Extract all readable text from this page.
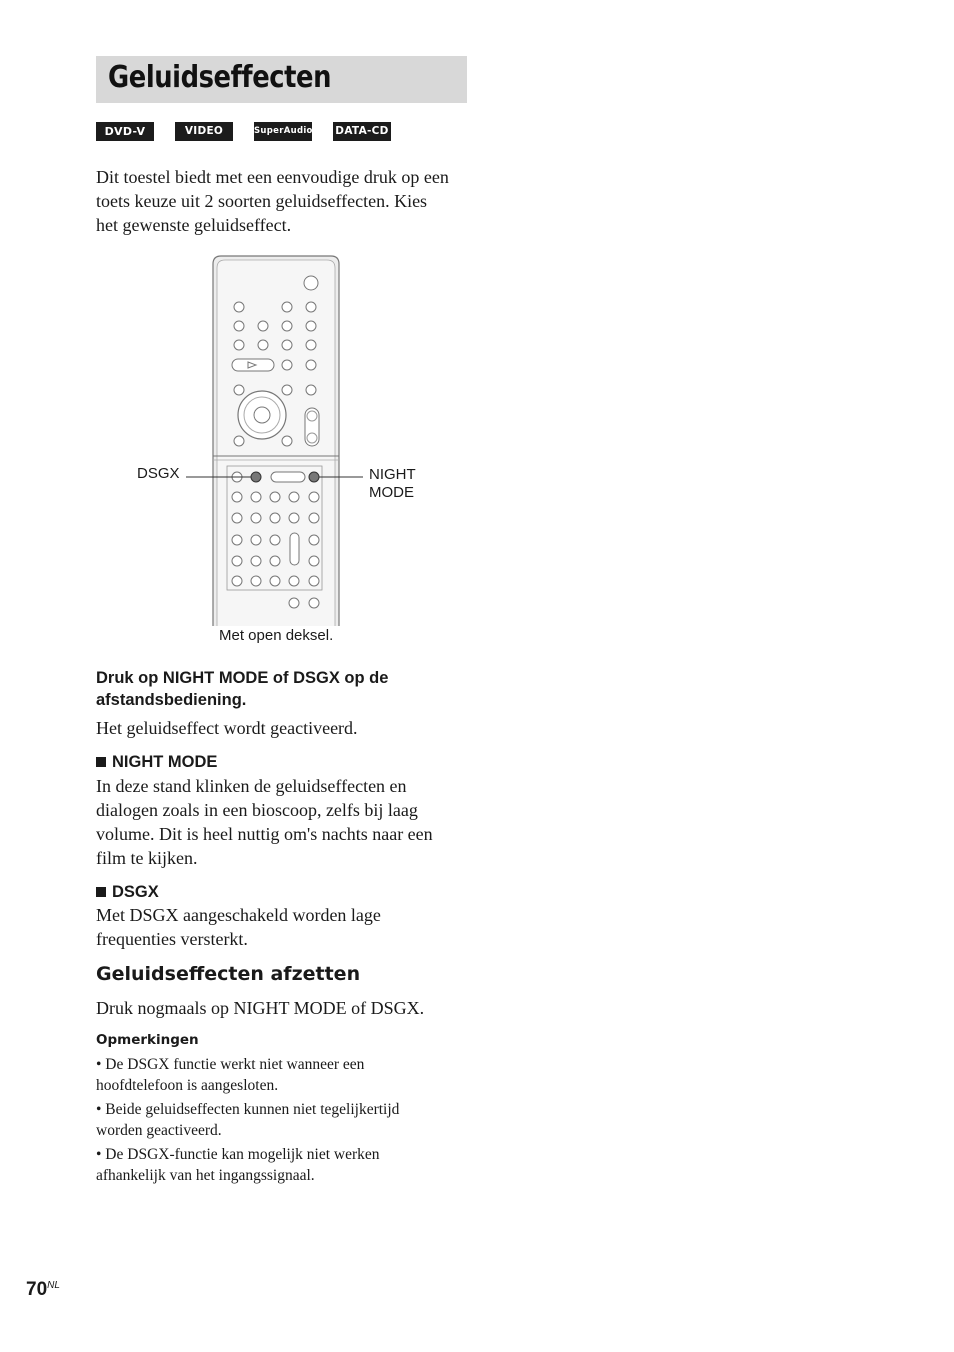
Geluidseffecten
DVD-V	VIDEO CD
SuperAudioCD DATA-CD
Dit toestel biedt met een eenvoudige druk op een
toets keuze uit 2 soorten geluidseffecten. Kies
het gewenste geluidseffect.
DSGX	NIGHT
MODE
Met open deksel.
Druk op NIGHT MODE of DSGX op de
afstandsbediening.
Het geluidseffect wordt geactiveerd.
NIGHT MODE
In deze stand klinken de geluidseffecten en
dialogen zoals in een bioscoop, zelfs bij laag
volume. Dit is heel nuttig om's nachts naar een
film te kijken.
DSGX
Met DSGX aangeschakeld worden lage
frequenties versterkt.
Geluidseffecten afzetten
Druk nogmaals op NIGHT MODE of DSGX.
Opmerkingen
• De DSGX functie werkt niet wanneer een
hoofdtelefoon is aangesloten.
• Beide geluidseffecten kunnen niet tegelijkertijd
worden geactiveerd.
• De DSGX-functie kan mogelijk niet werken
afhankelijk van het ingangssignaal.
$70^{NL}$
